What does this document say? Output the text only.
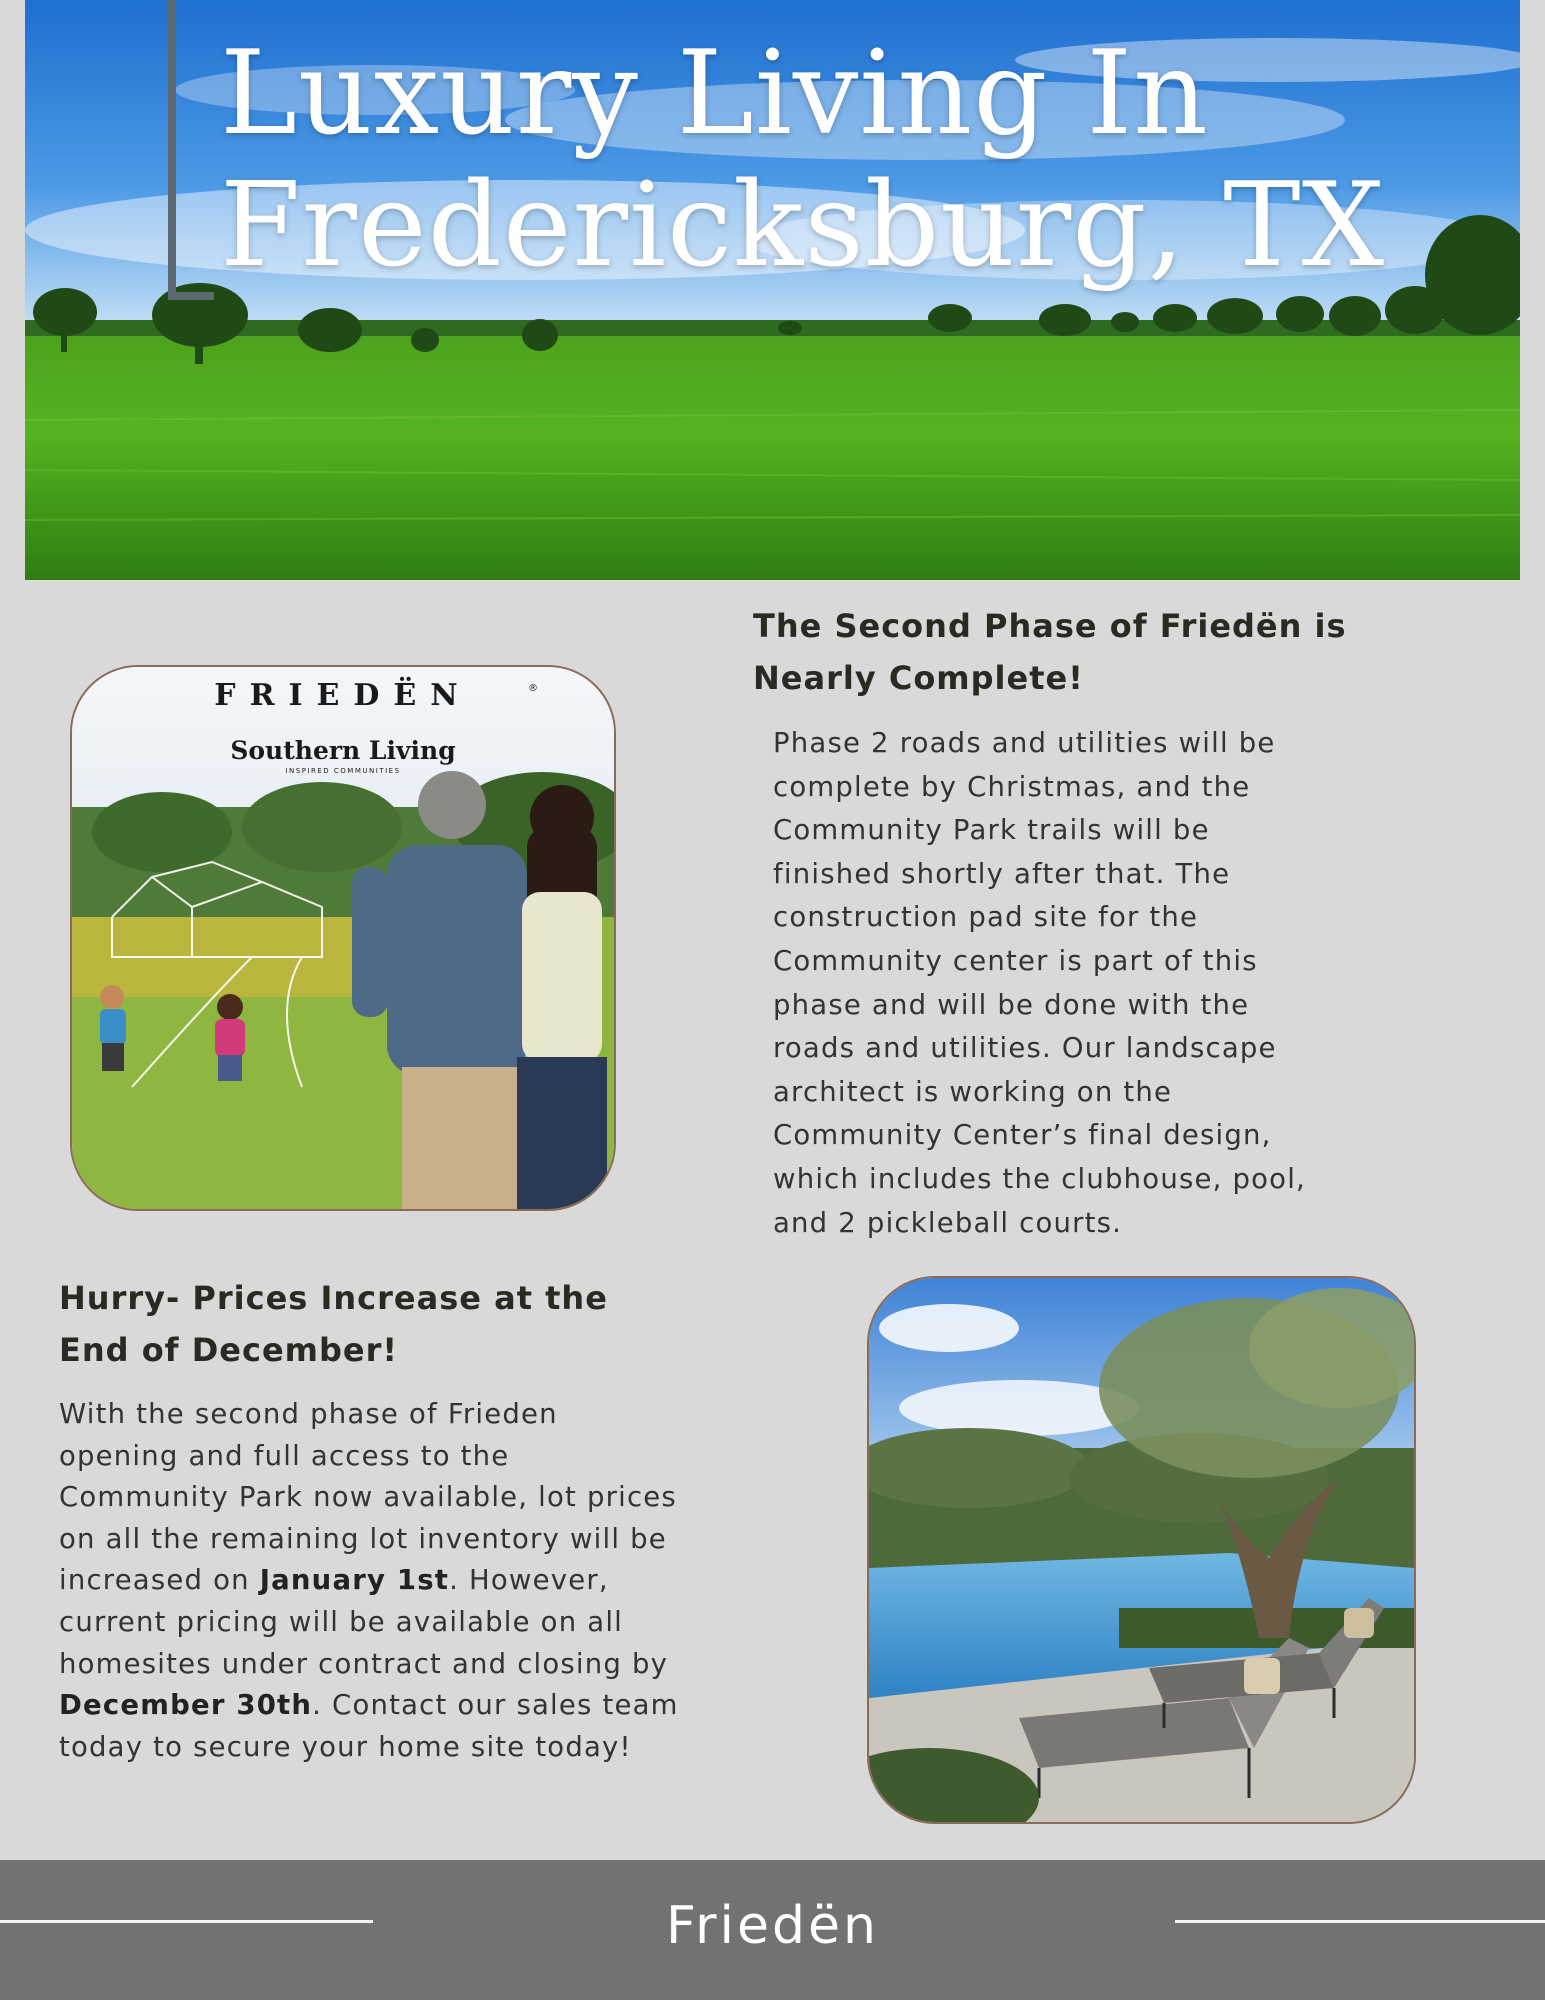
Luxury Living In
Fredericksburg, TX
FRIEDËN	®
Southern Living
INSPIRED COMMUNITIES
The Second Phase of Friedën is
Nearly Complete!
Phase 2 roads and utilities will be
complete by Christmas, and the
Community Park trails will be
finished shortly after that. The
construction pad site for the
Community center is part of this
phase and will be done with the
roads and utilities. Our landscape
architect is working on the
Community Center’s final design,
which includes the clubhouse, pool,
and 2 pickleball courts.
Hurry- Prices Increase at the
End of December!
With the second phase of Frieden
opening and full access to the
Community Park now available, lot prices
on all the remaining lot inventory will be
increased on January 1st. However,
current pricing will be available on all
homesites under contract and closing by
December 30th. Contact our sales team
today to secure your home site today!
Friedën
